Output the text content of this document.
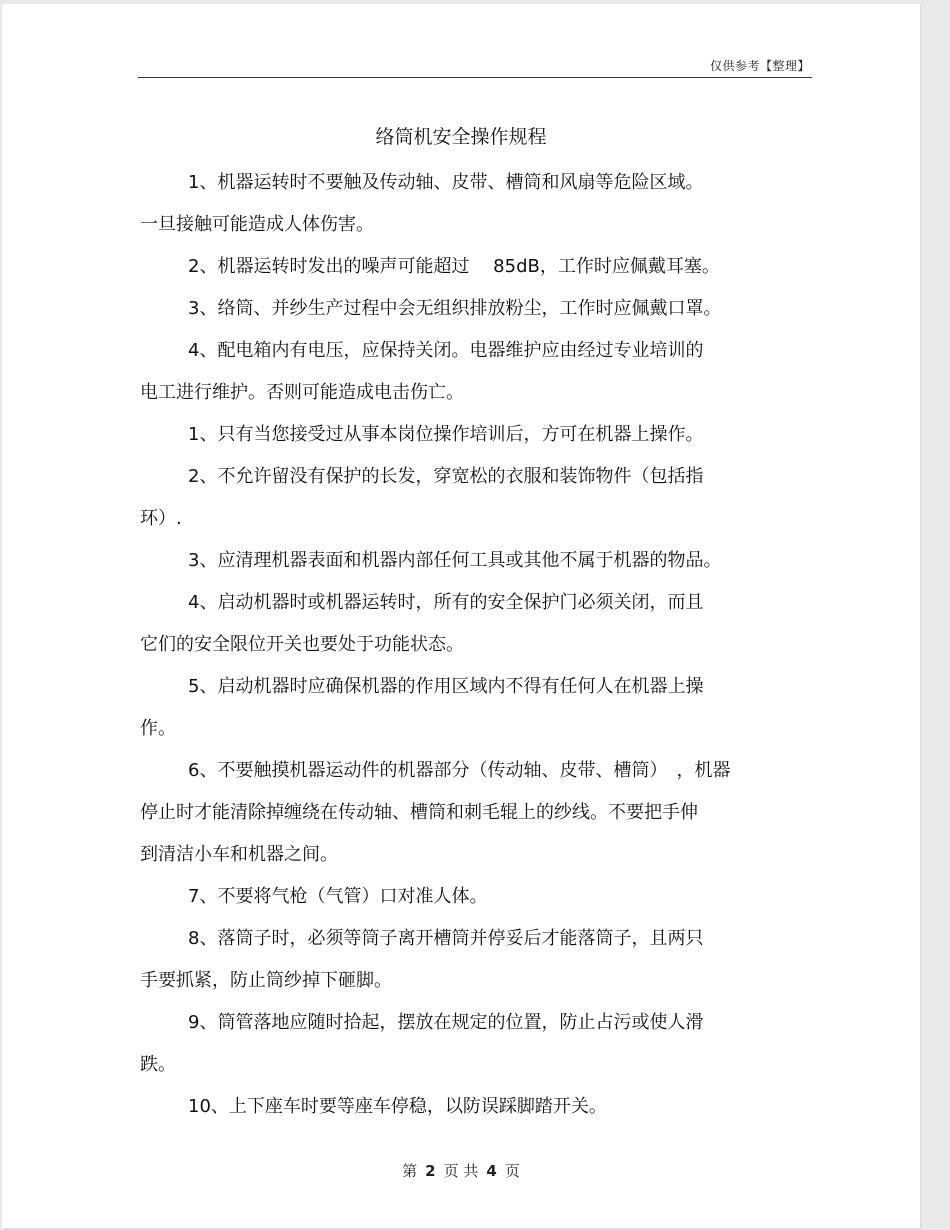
仅供参考【整理】
络筒机安全操作规程

1、机器运转时不要触及传动轴、皮带、槽筒和风扇等危险区域。

一旦接触可能造成人体伤害。

2、机器运转时发出的噪声可能超过　 85dB，工作时应佩戴耳塞。

3、络筒、并纱生产过程中会无组织排放粉尘，工作时应佩戴口罩。

4、配电箱内有电压，应保持关闭。电器维护应由经过专业培训的

电工进行维护。否则可能造成电击伤亡。

1、只有当您接受过从事本岗位操作培训后，方可在机器上操作。

2、不允许留没有保护的长发，穿宽松的衣服和装饰物件（包括指

环）.

3、应清理机器表面和机器内部任何工具或其他不属于机器的物品。

4、启动机器时或机器运转时，所有的安全保护门必须关闭，而且

它们的安全限位开关也要处于功能状态。

5、启动机器时应确保机器的作用区域内不得有任何人在机器上操

作。

6、不要触摸机器运动件的机器部分（传动轴、皮带、槽筒）　，机器

停止时才能清除掉缠绕在传动轴、槽筒和刺毛辊上的纱线。不要把手伸

到清洁小车和机器之间。

7、不要将气枪（气管）口对准人体。

8、落筒子时，必须等筒子离开槽筒并停妥后才能落筒子，且两只

手要抓紧，防止筒纱掉下砸脚。

9、筒管落地应随时拾起，摆放在规定的位置，防止占污或使人滑

跌。

10、上下座车时要等座车停稳，以防误踩脚踏开关。

第 2 页 共 4 页
